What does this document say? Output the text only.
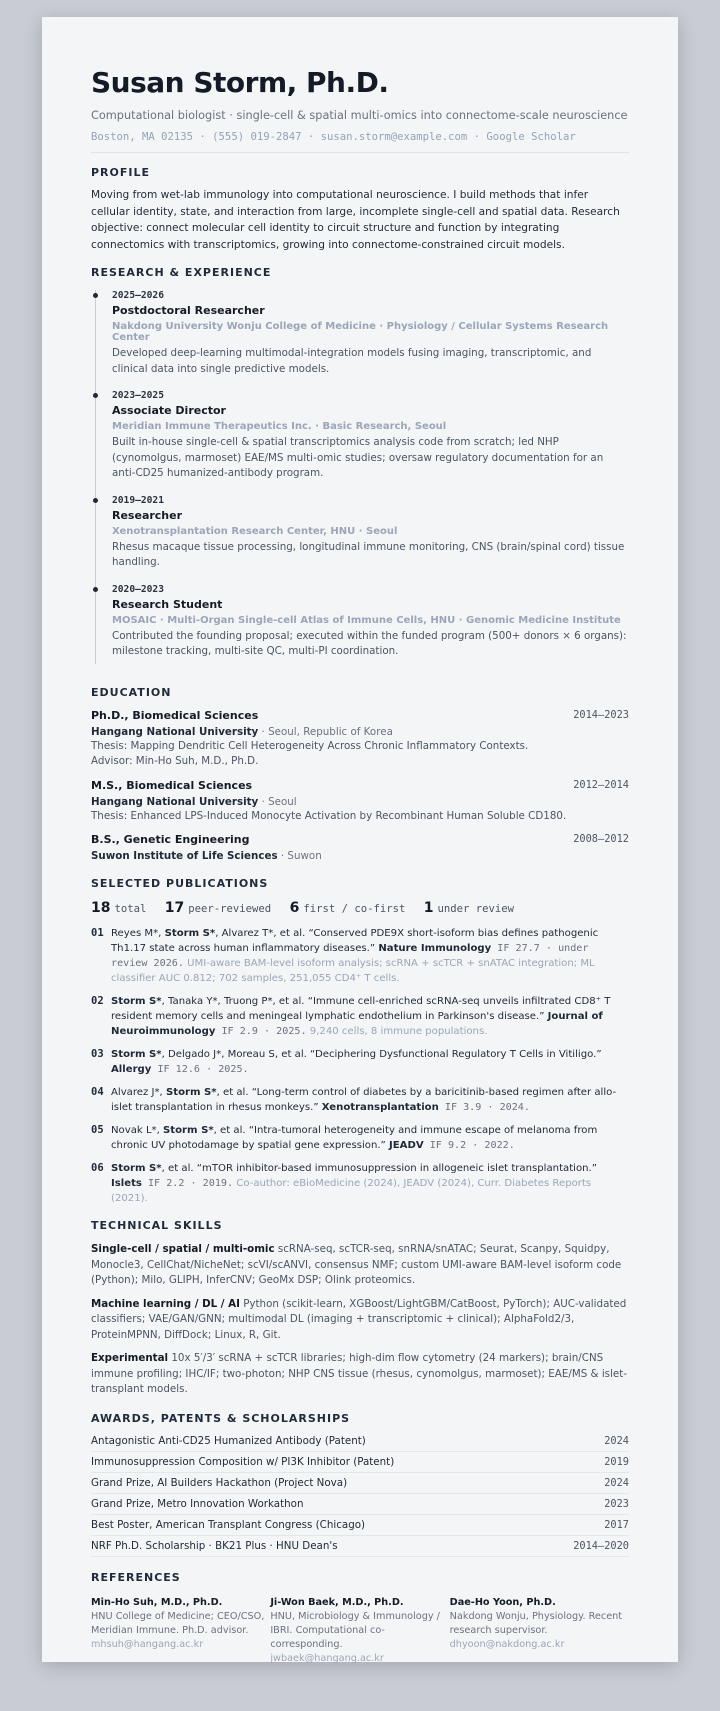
Susan Storm, Ph.D.
Computational biologist · single-cell & spatial multi-omics into connectome-scale neuroscience
Boston, MA 02135 · (555) 019-2847 · susan.storm@example.com · Google Scholar
PROFILE

Moving from wet-lab immunology into computational neuroscience. I build methods that infer cellular identity, state, and interaction from large, incomplete single-cell and spatial data. Research objective: connect molecular cell identity to circuit structure and function by integrating connectomics with transcriptomics, growing into connectome-constrained circuit models.

RESEARCH & EXPERIENCE
2025–2026
Postdoctoral Researcher
Nakdong University Wonju College of Medicine · Physiology / Cellular Systems Research Center
Developed deep-learning multimodal-integration models fusing imaging, transcriptomic, and clinical data into single predictive models.
2023–2025
Associate Director
Meridian Immune Therapeutics Inc. · Basic Research, Seoul
Built in-house single-cell & spatial transcriptomics analysis code from scratch; led NHP (cynomolgus, marmoset) EAE/MS multi-omic studies; oversaw regulatory documentation for an anti-CD25 humanized-antibody program.
2019–2021
Researcher
Xenotransplantation Research Center, HNU · Seoul
Rhesus macaque tissue processing, longitudinal immune monitoring, CNS (brain/spinal cord) tissue handling.
2020–2023
Research Student
MOSAIC · Multi-Organ Single-cell Atlas of Immune Cells, HNU · Genomic Medicine Institute
Contributed the founding proposal; executed within the funded program (500+ donors × 6 organs): milestone tracking, multi-site QC, multi-PI coordination.
EDUCATION
Ph.D., Biomedical Sciences	2014–2023
Hangang National University · Seoul, Republic of Korea
Thesis: Mapping Dendritic Cell Heterogeneity Across Chronic Inflammatory Contexts. Advisor: Min-Ho Suh, M.D., Ph.D.
M.S., Biomedical Sciences	2012–2014
Hangang National University · Seoul
Thesis: Enhanced LPS-Induced Monocyte Activation by Recombinant Human Soluble CD180.
B.S., Genetic Engineering	2008–2012
Suwon Institute of Life Sciences · Suwon
SELECTED PUBLICATIONS
18 total 17 peer-reviewed 6 first / co-first 1 under review
01 Reyes M*, Storm S*, Alvarez T*, et al. “Conserved PDE9X short-isoform bias defines pathogenic Th1.17 state across human inflammatory diseases.” Nature Immunology IF 27.7 · under review 2026. UMI-aware BAM-level isoform analysis; scRNA + scTCR + snATAC integration; ML classifier AUC 0.812; 702 samples, 251,055 CD4⁺ T cells.
02 Storm S*, Tanaka Y*, Truong P*, et al. “Immune cell-enriched scRNA-seq unveils infiltrated CD8⁺ T resident memory cells and meningeal lymphatic endothelium in Parkinson's disease.” Journal of Neuroimmunology IF 2.9 · 2025. 9,240 cells, 8 immune populations.
03 Storm S*, Delgado J*, Moreau S, et al. “Deciphering Dysfunctional Regulatory T Cells in Vitiligo.” Allergy IF 12.6 · 2025.
04 Alvarez J*, Storm S*, et al. “Long-term control of diabetes by a baricitinib-based regimen after allo-islet transplantation in rhesus monkeys.” Xenotransplantation IF 3.9 · 2024.
05 Novak L*, Storm S*, et al. “Intra-tumoral heterogeneity and immune escape of melanoma from chronic UV photodamage by spatial gene expression.” JEADV IF 9.2 · 2022.
06 Storm S*, et al. “mTOR inhibitor-based immunosuppression in allogeneic islet transplantation.” Islets IF 2.2 · 2019. Co-author: eBioMedicine (2024), JEADV (2024), Curr. Diabetes Reports (2021).
TECHNICAL SKILLS
Single-cell / spatial / multi-omic scRNA-seq, scTCR-seq, snRNA/snATAC; Seurat, Scanpy, Squidpy, Monocle3, CellChat/NicheNet; scVI/scANVI, consensus NMF; custom UMI-aware BAM-level isoform code (Python); Milo, GLIPH, InferCNV; GeoMx DSP; Olink proteomics.
Machine learning / DL / AI Python (scikit-learn, XGBoost/LightGBM/CatBoost, PyTorch); AUC-validated classifiers; VAE/GAN/GNN; multimodal DL (imaging + transcriptomic + clinical); AlphaFold2/3, ProteinMPNN, DiffDock; Linux, R, Git.
Experimental 10x 5′/3′ scRNA + scTCR libraries; high-dim flow cytometry (24 markers); brain/CNS immune profiling; IHC/IF; two-photon; NHP CNS tissue (rhesus, cynomolgus, marmoset); EAE/MS & islet-transplant models.
AWARDS, PATENTS & SCHOLARSHIPS
Antagonistic Anti-CD25 Humanized Antibody (Patent)	2024
Immunosuppression Composition w/ PI3K Inhibitor (Patent)	2019
Grand Prize, AI Builders Hackathon (Project Nova)	2024
Grand Prize, Metro Innovation Workathon	2023
Best Poster, American Transplant Congress (Chicago)	2017
NRF Ph.D. Scholarship · BK21 Plus · HNU Dean's	2014–2020
REFERENCES
Min-Ho Suh, M.D., Ph.D.
HNU College of Medicine; CEO/CSO, Meridian Immune. Ph.D. advisor.
mhsuh@hangang.ac.kr
Ji-Won Baek, M.D., Ph.D.
HNU, Microbiology & Immunology / IBRI. Computational co-corresponding.
jwbaek@hangang.ac.kr
Dae-Ho Yoon, Ph.D.
Nakdong Wonju, Physiology. Recent research supervisor.
dhyoon@nakdong.ac.kr
